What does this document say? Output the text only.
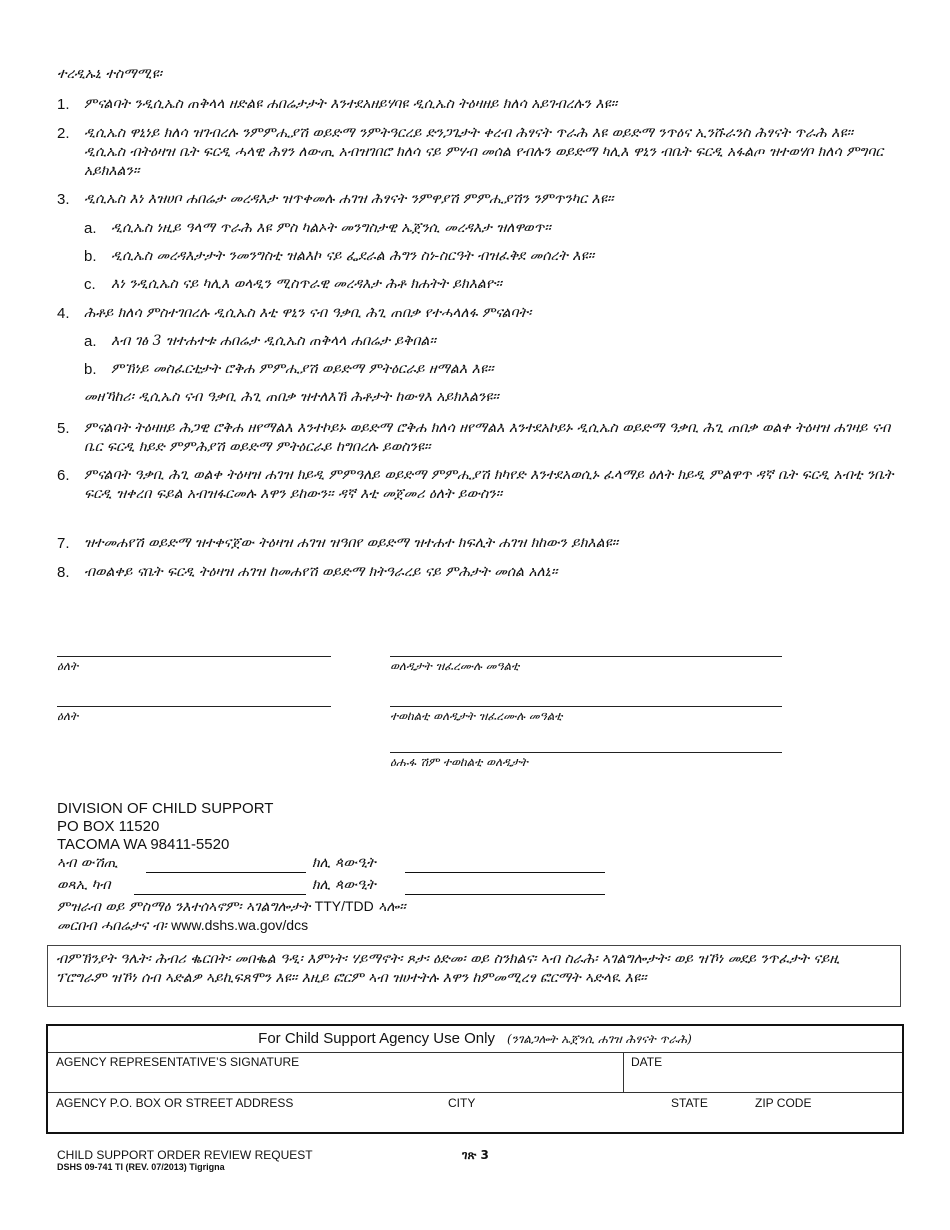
ተረዲኡኒ ተስማሚዩ፡
1.	ምናልባት ንዲሲኤስ ጠቅላላ ዘድልዩ ሐበሬታታት እንተደአዘይሃባዩ ዲሲኤስ ትዕዛዘይ ክለሳ አይገብረሉን እዩ።
2.	ዲሲኤስ ዋኒነይ ክለሳ ዝገብረሉ ንምምሒያሽ ወይድማ ንምትዓርረይ ድንጋጌታት ቀረብ ሕፃናት ጥራሕ እዩ ወይድማ ንጥዕና ኢንሹራንስ ሕፃናት ጥራሕ እዩ፡፡ ዲሲኤስ ብትዕዛዝ ቤት ፍርዲ ሓላዊ ሕፃን ለውጢ አብዝገበሮ ክለሳ ናይ ምሃብ መሰል የብሉን ወይድማ ካሊእ ዋኒን ብቤት ፍርዲ አፋልጦ ዝተወሃቦ ክለሳ ምግባር አይክእልን።
3.	ዲሲኤስ እነ እዝሀቦ ሐበሬታ መረዳእታ ዝጥቀመሉ ሐገዝ ሕፃናት ንምዋያሽ ምምሒያሽን ንምጥንካር እዩ።
a.	ዲሲኤስ ነዚይ ዓላማ ጥራሕ እዩ ምስ ካልኦት መንግስታዊ ኤጀንሲ መረዳእታ ዝለዋወጥ።
b.	ዲሲኤስ መረዳእታታት ንመንግስቲ ዝልእኮ ናይ ፌደራል ሕግን ስነ-ስርዓት ብዝፈቅደ መሰረት እዩ።
c.	እነ ንዲሲኤስ ናይ ካሊእ ወላዲን ሚስጥራዊ መረዳእታ ሕቶ ክሐትት ይክእልዮ።
4.	ሕቶይ ክለሳ ምስተገበረሉ ዲሲኤስ እቲ ዋኒን ናብ ዓቃቢ ሕጊ ጠበቃ የተሓላለፋ ምናልባት፡
a.	እብ ገፅ 3 ዝተሐተቱ ሐበሬታ ዲሲኤስ ጠቅላላ ሐበሬታ ይቅበል።
b.	ምኽነይ መስፈርቲታት ሮቅሐ ምምሒያሽ ወይድማ ምትዕርራይ ዘማልእ እዩ።
መዘኻከሪ፡ ዲሲኤስ ናብ ዓቃቢ ሕጊ ጠበቃ ዝተለእኸ ሕቶታት ከውፃእ አይክእልንዩ።
5.	ምናልባት ትዕዛዘይ ሕጋዊ ሮቅሐ ዘየማልእ እንተኮይኑ ወይድማ ሮቅሐ ክለሳ ዘየማልእ እንተደአኮይኑ ዲሲኤስ ወይድማ ዓቃቢ ሕጊ ጠበቃ ወልቀ ትዕዛዝ ሐገዛይ ናብ ቤር ፍርዲ ክይድ ምምሕያሽ ወይድማ ምትዕርራይ ከግበረሉ ይወስንዩ።
6.	ምናልባት ዓቃቢ ሕጊ ወልቀ ትዕዛዝ ሐገዝ ክይዲ ምምዓለይ ወይድማ ምምሒያሽ ክካየድ እንተደአወሲኑ ፈላማይ ዕለት ክይዲ ምልዋጥ ዳኛ ቤት ፍርዲ አብቲ ንቤት ፍርዲ ዝቀረበ ፍይል አብዝፋርመሉ እዋን ይከውን። ዳኛ እቲ መጀመሪ ዕለት ይውስን።
7.	ዝተመሐየሽ ወይድማ ዝተቀናጀው ትዕዛዝ ሐገዝ ዝዓበየ ወይድማ ዝተሐተ ክፍሊት ሐገዝ ክከውን ይክእልዩ።
8.	ብወልቀይ ናቤት ፍርዲ ትዕዛዝ ሐገዝ ከመሐየሽ ወይድማ ክትዓራረይ ናይ ምሕታት መሰል አለኒ።
ዕለት	ወለዲታት ዝፈረሙሉ መዓልቲ
ዕለት	ተወከልቲ ወለዲታት ዝፈረሙሉ መዓልቲ
ዕሑፋ ሽም ተወከልቲ ወለዲታት
DIVISION OF CHILD SUPPORT
PO BOX 11520
TACOMA WA 98411-5520
ኣብ ውሽጢ	ክሊ ጳውዒት
ወጻኢ ካብ	ክሊ ጳውዒት
ምዝራብ ወይ ምስማዕ ንእተሰኣኖም፡ ኣገልግሎታት TTY/TDD ኣሎ።
መርበብ ሓበሬታና ብ፡ www.dshs.wa.gov/dcs
ብምኽንያት ዓሌት፡ ሕብሪ ቈርበት፡ መበቈል ዓዲ፡ እምነት፡ ሃይማኖት፡ ጾታ፡ ዕድመ፡ ወይ ስንክልና፡ ኣብ ስራሕ፡ ኣገልግሎታት፡ ወይ ዝኾነ መደይ ንጥፈታት ናይዚ ፕሮግራም ዝኾነ ሰብ ኣድልዎ ኣይኪፍጸሞን እዩ። እዚይ ፎርም ኣብ ዝሀተትሉ እዋን ከምመሚረፃ ፎርማት ኣድላዪ እዩ።
For Child Support Agency Use Only (ንገልጋሎት ኤጀንሲ ሐገዝ ሕፃናት ጥራሕ)
AGENCY REPRESENTATIVE’S SIGNATURE	DATE
AGENCY P.O. BOX OR STREET ADDRESS	CITY	STATE	ZIP CODE
CHILD SUPPORT ORDER REVIEW REQUEST
DSHS 09-741 TI (REV. 07/2013) Tigrigna
ገጽ 3
